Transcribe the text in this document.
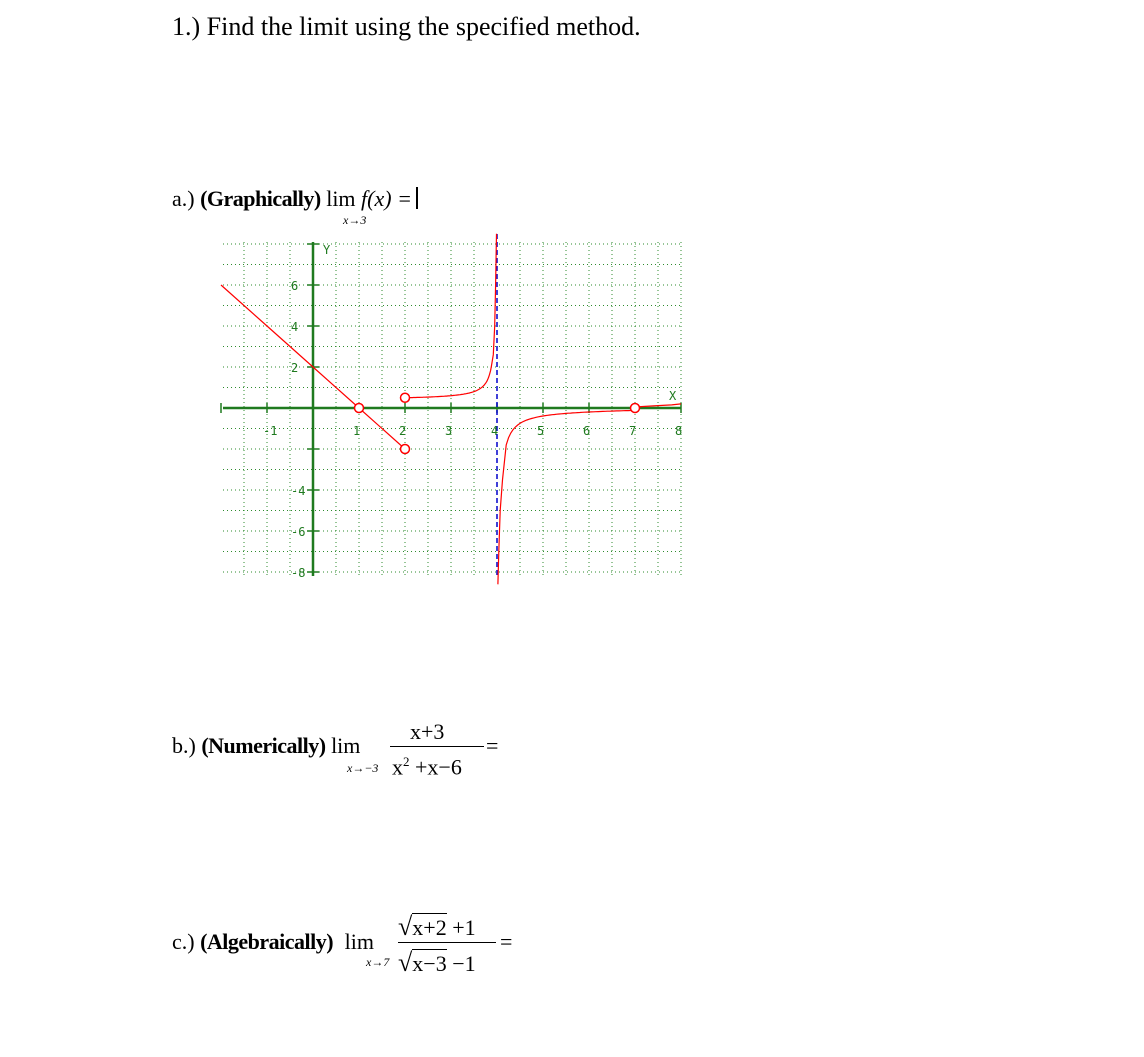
1.) Find the limit using the specified method.
a.) (Graphically) lim f(x) =
x→3
-1	1	2	3	4	5	6	7	8
6
4
2
-4
-6
-8
X
Y
b.) (Numerically) lim
x→−3
x+3
$x^2 +x-6$
=
c.) (Algebraically) lim
x→7
√x+2 +1
√x−3 −1
=
